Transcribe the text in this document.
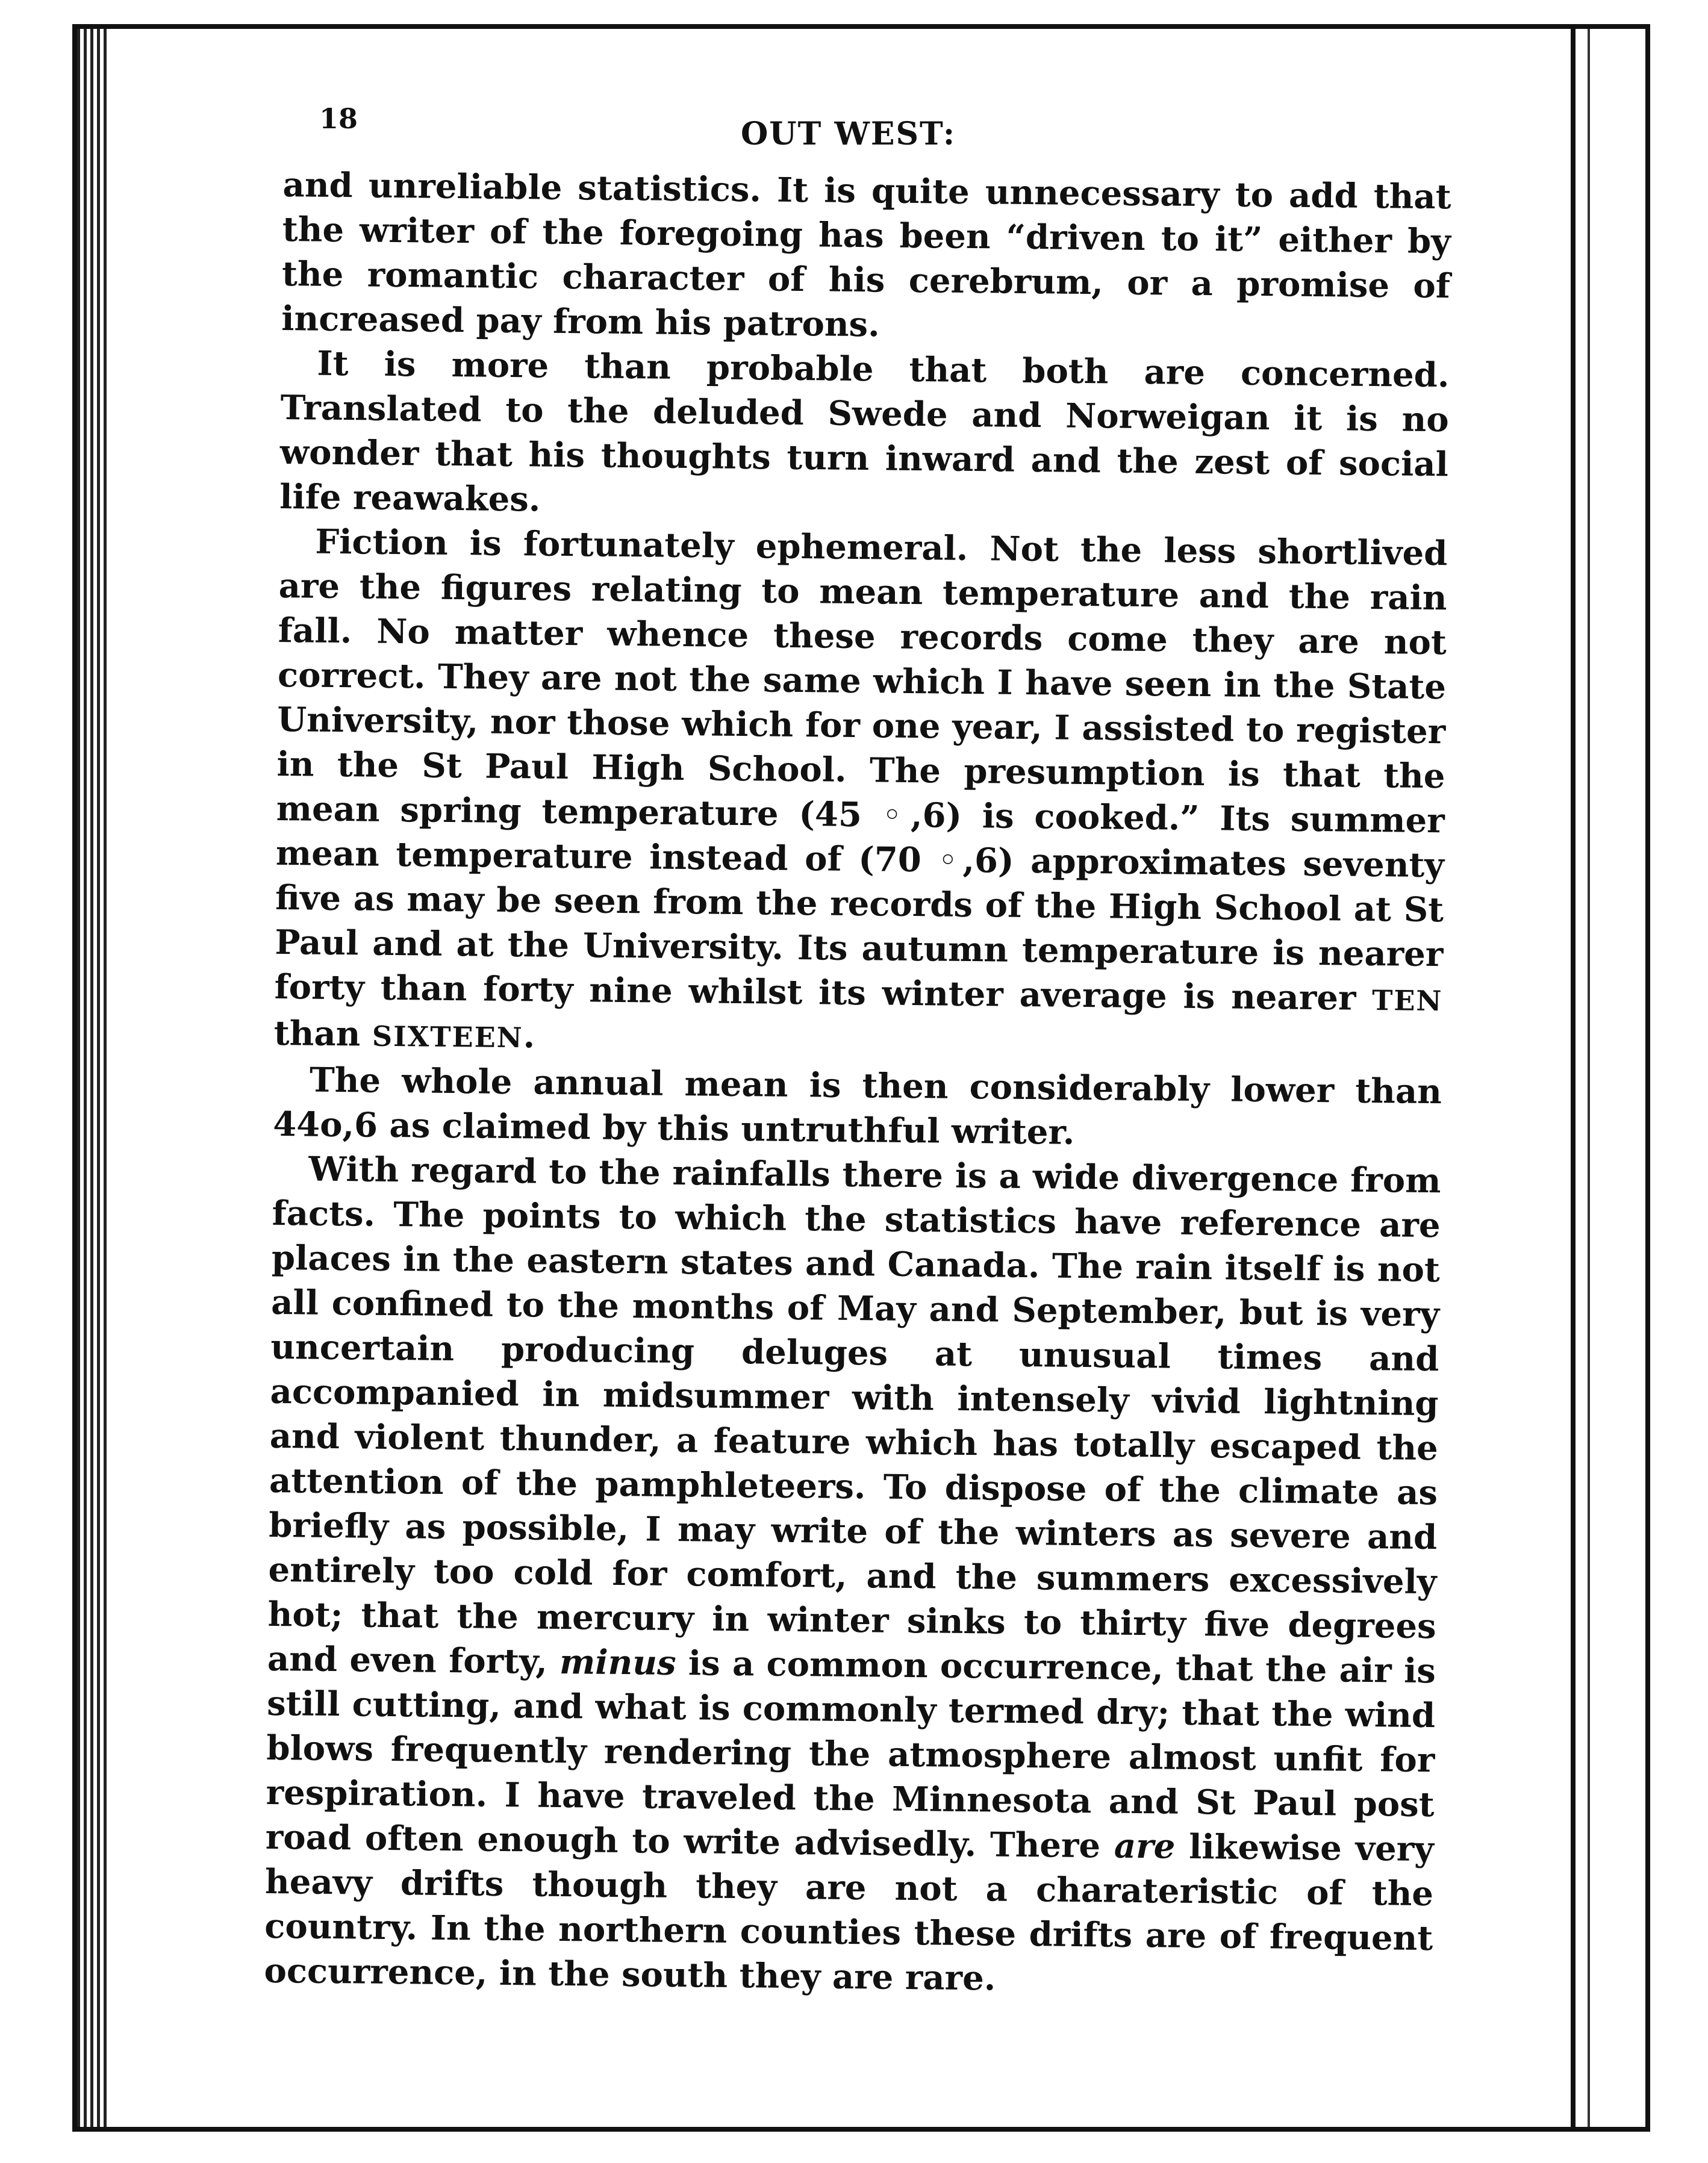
18	OUT WEST:

and unreliable statistics. It is quite unnecessary to add that the writer of the foregoing has been “driven to it” either by the romantic character of his cerebrum, or a promise of increased pay from his patrons.

It is more than probable that both are concerned. Translated to the deluded Swede and Norweigan it is no wonder that his thoughts turn inward and the zest of social life reawakes.

Fiction is fortunately ephemeral. Not the less shortlived are the figures relating to mean temperature and the rain fall. No matter whence these records come they are not correct. They are not the same which I have seen in the State University, nor those which for one year, I assisted to register in the St Paul High School. The presumption is that the mean spring temperature (45 ◦,6) is cooked.” Its summer mean temperature instead of (70 ◦,6) approximates seventy five as may be seen from the records of the High School at St Paul and at the University. Its autumn temperature is nearer forty than forty nine whilst its winter average is nearer TEN than SIXTEEN.

The whole annual mean is then considerably lower than 44o,6 as claimed by this untruthful writer.

With regard to the rainfalls there is a wide divergence from facts. The points to which the statistics have reference are places in the eastern states and Canada. The rain itself is not all confined to the months of May and September, but is very uncertain producing deluges at unusual times and accompanied in midsummer with intensely vivid lightning and violent thunder, a feature which has totally escaped the attention of the pamphleteers. To dispose of the climate as briefly as possible, I may write of the winters as severe and entirely too cold for comfort, and the summers excessively hot; that the mercury in winter sinks to thirty five degrees and even forty, minus is a common occurrence, that the air is still cutting, and what is commonly termed dry; that the wind blows frequently rendering the atmosphere almost unfit for respiration. I have traveled the Minnesota and St Paul post road often enough to write advisedly. There are likewise very heavy drifts though they are not a charateristic of the country. In the northern counties these drifts are of frequent occurrence, in the south they are rare.
